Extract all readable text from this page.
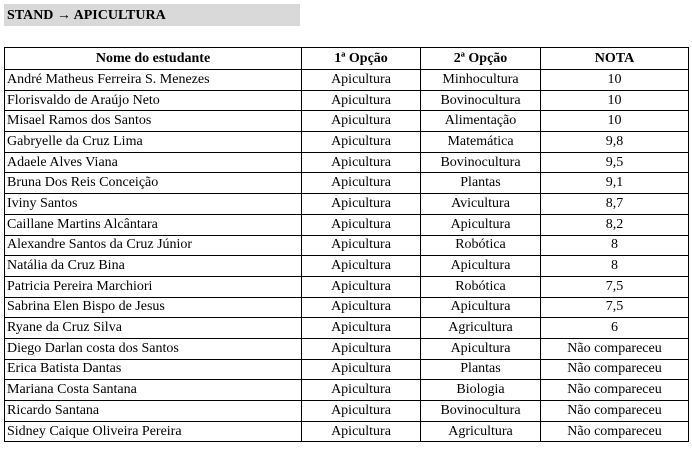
STAND → APICULTURA
Nome do estudante	1ª Opção	2ª Opção	NOTA
André Matheus Ferreira S. Menezes	Apicultura	Minhocultura	10
Florisvaldo de Araújo Neto	Apicultura	Bovinocultura	10
Misael Ramos dos Santos	Apicultura	Alimentação	10
Gabryelle da Cruz Lima	Apicultura	Matemática	9,8
Adaele Alves Viana	Apicultura	Bovinocultura	9,5
Bruna Dos Reis Conceição	Apicultura	Plantas	9,1
Iviny Santos	Apicultura	Avicultura	8,7
Caillane Martins Alcântara	Apicultura	Apicultura	8,2
Alexandre Santos da Cruz Júnior	Apicultura	Robótica	8
Natália da Cruz Bina	Apicultura	Apicultura	8
Patricia Pereira Marchiori	Apicultura	Robótica	7,5
Sabrina Elen Bispo de Jesus	Apicultura	Apicultura	7,5
Ryane da Cruz Silva	Apicultura	Agricultura	6
Diego Darlan costa dos Santos	Apicultura	Apicultura	Não compareceu
Erica Batista Dantas	Apicultura	Plantas	Não compareceu
Mariana Costa Santana	Apicultura	Biologia	Não compareceu
Ricardo Santana	Apicultura	Bovinocultura	Não compareceu
Sidney Caique Oliveira Pereira	Apicultura	Agricultura	Não compareceu
